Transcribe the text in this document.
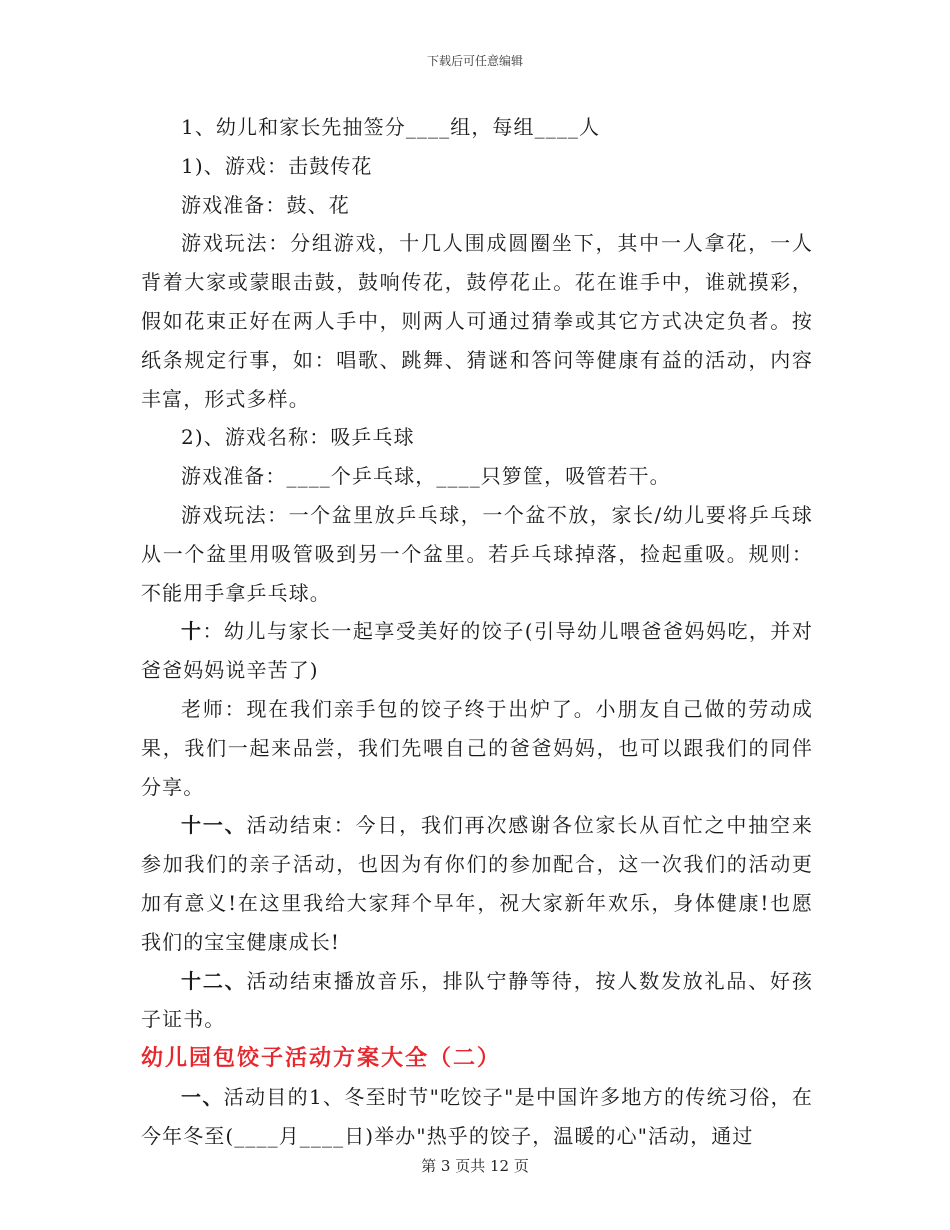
下载后可任意编辑

1、幼儿和家长先抽签分____组，每组____人

1)、游戏：击鼓传花

游戏准备：鼓、花

游戏玩法：分组游戏，十几人围成圆圈坐下，其中一人拿花，一人背着大家或蒙眼击鼓，鼓响传花，鼓停花止。花在谁手中，谁就摸彩，假如花束正好在两人手中，则两人可通过猜拳或其它方式决定负者。按纸条规定行事，如：唱歌、跳舞、猜谜和答问等健康有益的活动，内容丰富，形式多样。

2)、游戏名称：吸乒乓球

游戏准备：____个乒乓球，____只箩筐，吸管若干。

游戏玩法：一个盆里放乒乓球，一个盆不放，家长/幼儿要将乒乓球从一个盆里用吸管吸到另一个盆里。若乒乓球掉落，捡起重吸。规则：不能用手拿乒乓球。

十：幼儿与家长一起享受美好的饺子(引导幼儿喂爸爸妈妈吃，并对爸爸妈妈说辛苦了)

老师：现在我们亲手包的饺子终于出炉了。小朋友自己做的劳动成果，我们一起来品尝，我们先喂自己的爸爸妈妈，也可以跟我们的同伴分享。

十一、活动结束：今日，我们再次感谢各位家长从百忙之中抽空来参加我们的亲子活动，也因为有你们的参加配合，这一次我们的活动更加有意义!在这里我给大家拜个早年，祝大家新年欢乐，身体健康!也愿我们的宝宝健康成长!

十二、活动结束播放音乐，排队宁静等待，按人数发放礼品、好孩子证书。

幼儿园包饺子活动方案大全（二）

一、活动目的1、冬至时节"吃饺子"是中国许多地方的传统习俗，在今年冬至(____月____日)举办"热乎的饺子，温暖的心"活动，通过

第 3 页共 12 页
